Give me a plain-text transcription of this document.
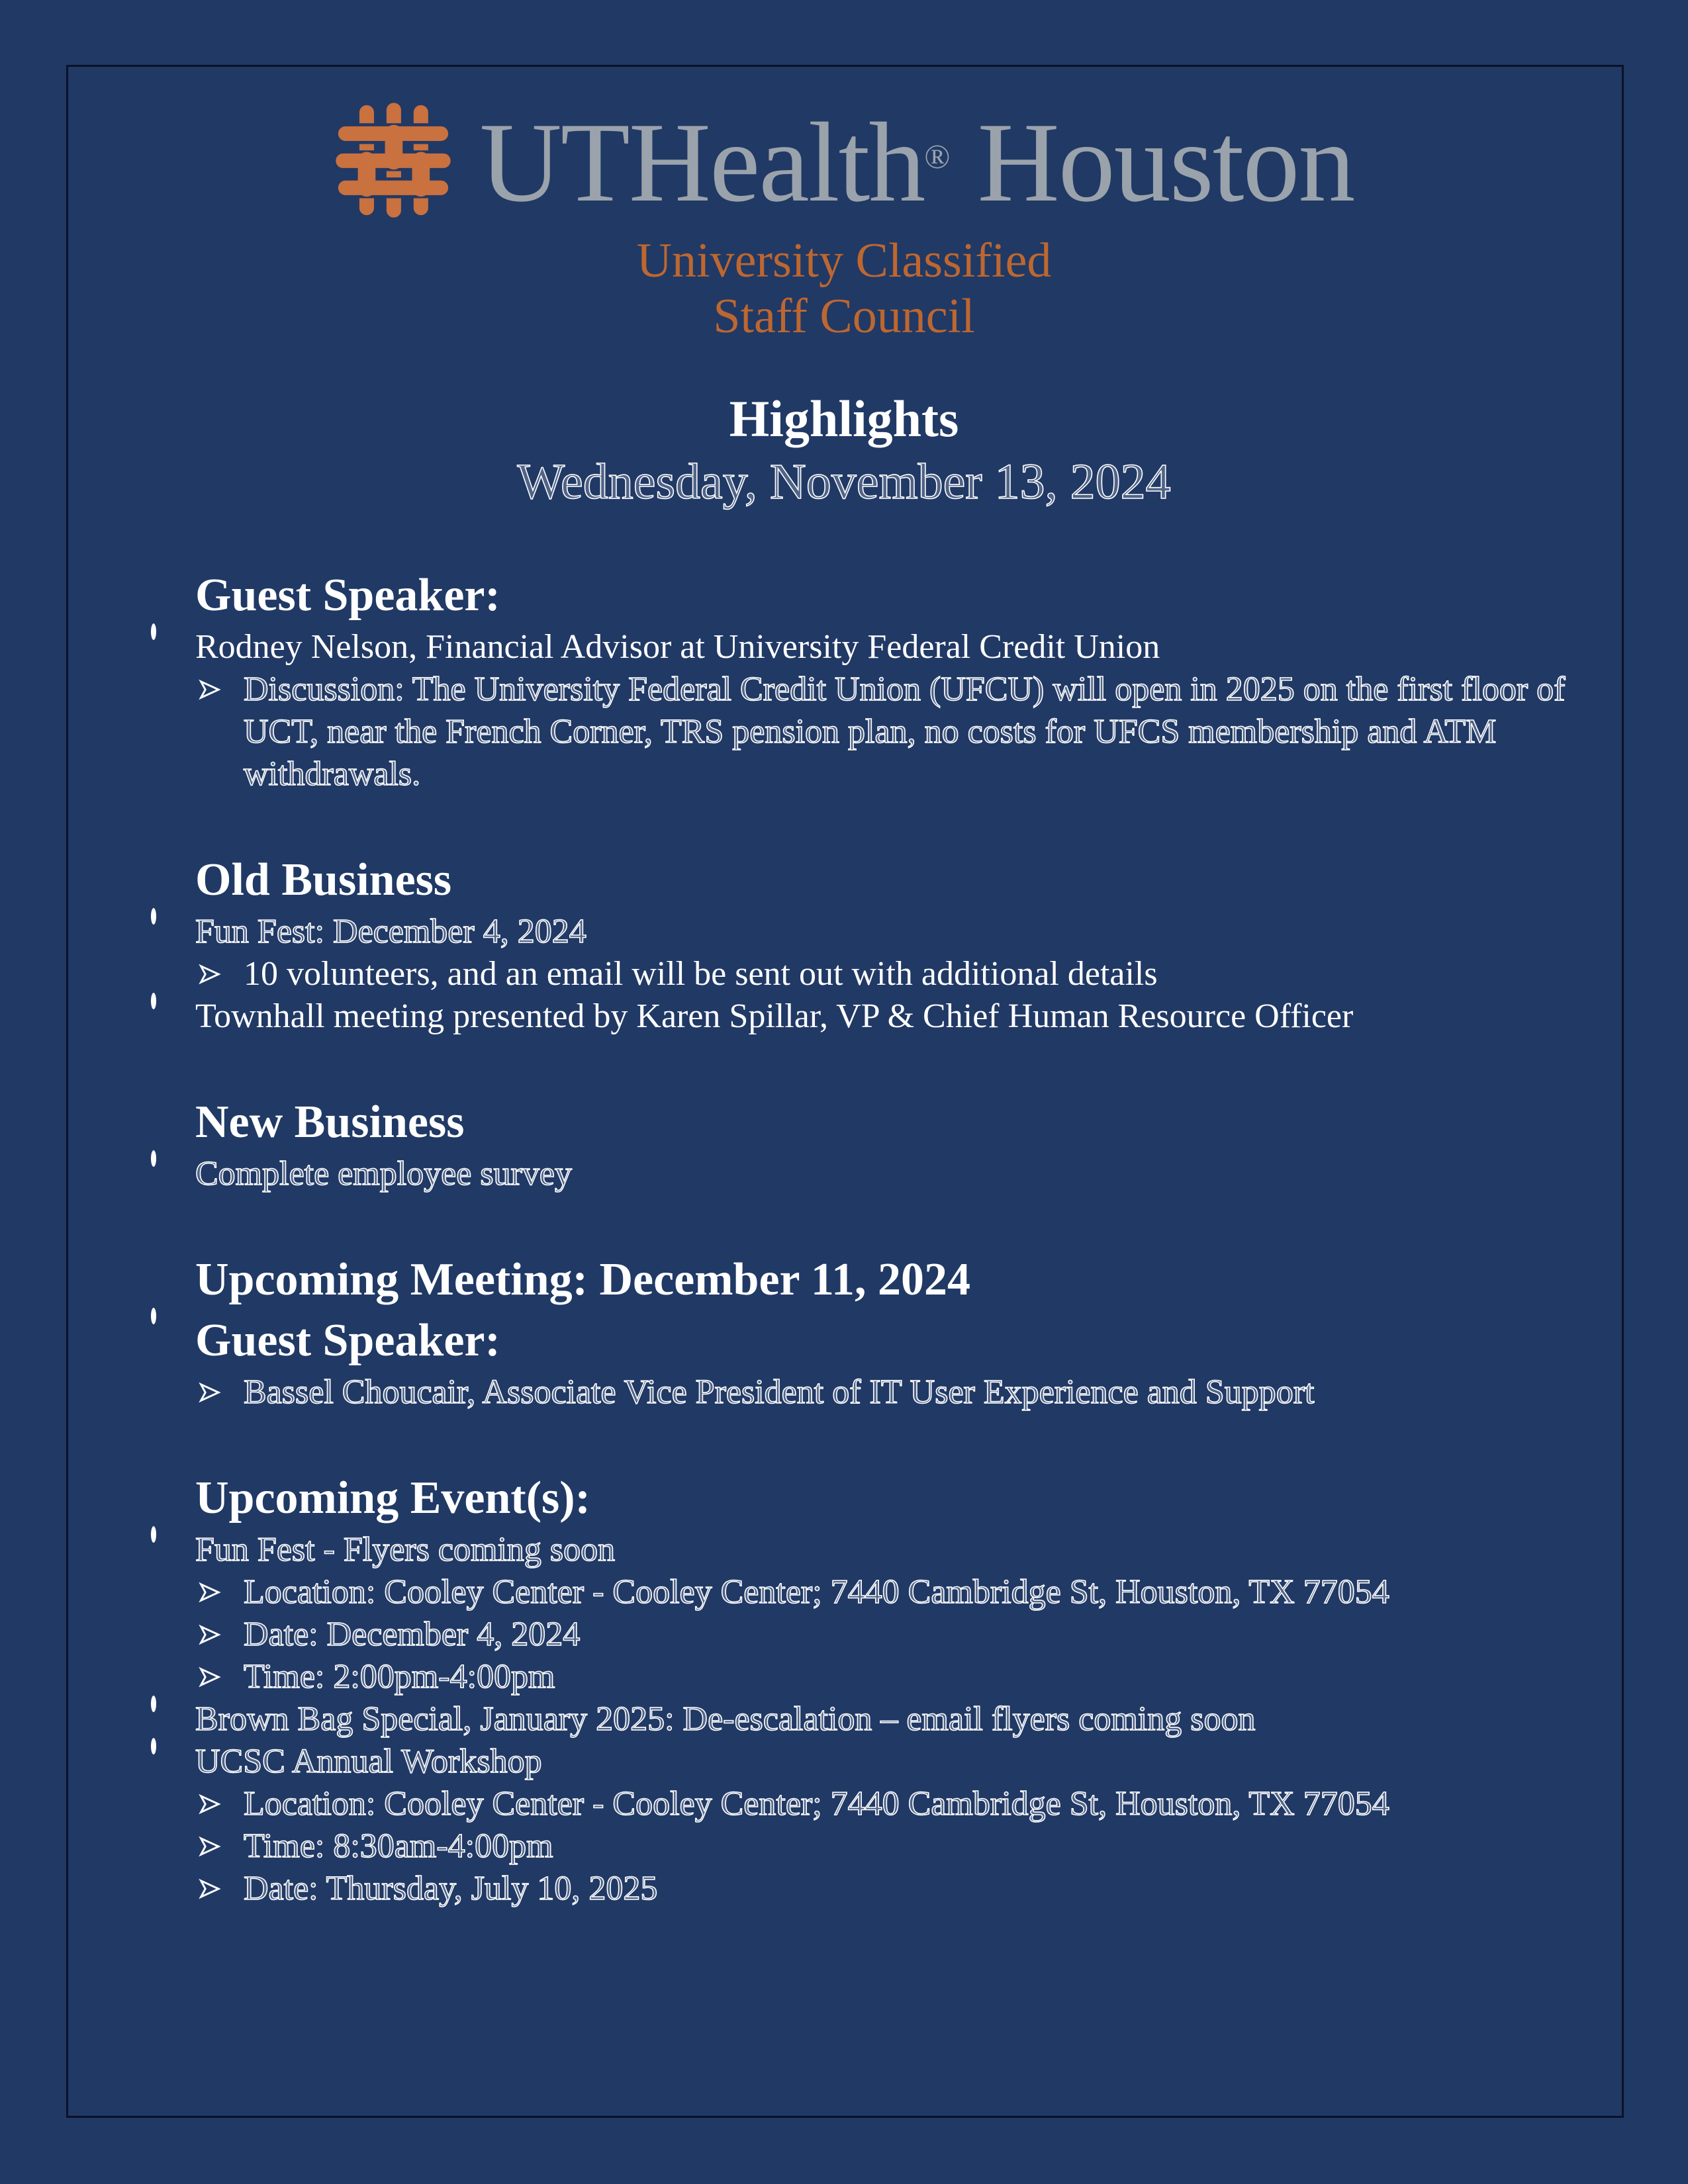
UTHealth® Houston
University Classified
Staff Council
Highlights
Wednesday, November 13, 2024
Guest Speaker:
Rodney Nelson, Financial Advisor at University Federal Credit Union
Discussion: The University Federal Credit Union (UFCU) will open in 2025 on the first floor of UCT, near the French Corner, TRS pension plan, no costs for UFCS membership and ATM withdrawals.
Old Business
Fun Fest: December 4, 2024
10 volunteers, and an email will be sent out with additional details
Townhall meeting presented by Karen Spillar, VP & Chief Human Resource Officer
New Business
Complete employee survey
Upcoming Meeting: December 11, 2024
Guest Speaker:
Bassel Choucair, Associate Vice President of IT User Experience and Support
Upcoming Event(s):
Fun Fest - Flyers coming soon
Location: Cooley Center - Cooley Center; 7440 Cambridge St, Houston, TX 77054
Date: December 4, 2024
Time: 2:00pm-4:00pm
Brown Bag Special, January 2025: De-escalation – email flyers coming soon
UCSC Annual Workshop
Location: Cooley Center - Cooley Center; 7440 Cambridge St, Houston, TX 77054
Time: 8:30am-4:00pm
Date: Thursday, July 10, 2025
